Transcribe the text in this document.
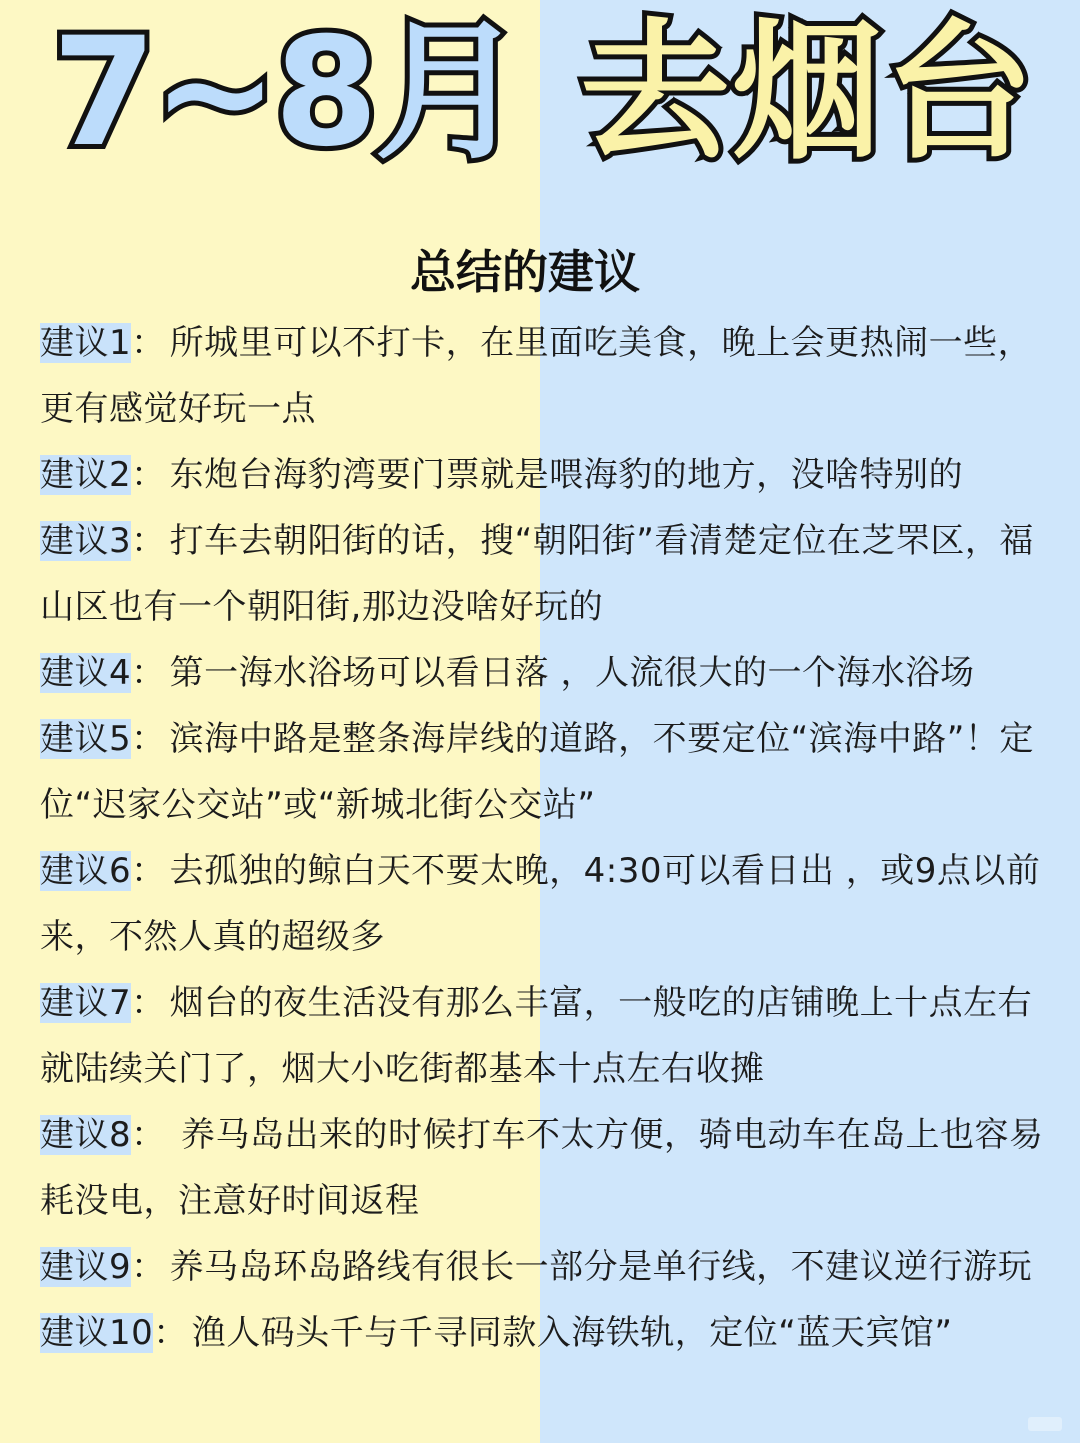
7~8月 去烟台
总结的建议
建议1： 所城里可以不打卡，在里面吃美食，晚上会更热闹一些，更有感觉好玩一点
建议2： 东炮台海豹湾要门票就是喂海豹的地方，没啥特别的
建议3： 打车去朝阳街的话，搜“朝阳街”看清楚定位在芝罘区，福山区也有一个朝阳街,那边没啥好玩的
建议4： 第一海水浴场可以看日落 ，人流很大的一个海水浴场
建议5： 滨海中路是整条海岸线的道路，不要定位“滨海中路”！定位“迟家公交站”或“新城北街公交站”
建议6： 去孤独的鲸白天不要太晚，4:30可以看日出 ，或9点以前来，不然人真的超级多
建议7： 烟台的夜生活没有那么丰富，一般吃的店铺晚上十点左右就陆续关门了，烟大小吃街都基本十点左右收摊
建议8： 养马岛出来的时候打车不太方便，骑电动车在岛上也容易耗没电，注意好时间返程
建议9： 养马岛环岛路线有很长一部分是单行线，不建议逆行游玩
建议10： 渔人码头千与千寻同款入海铁轨，定位“蓝天宾馆”
